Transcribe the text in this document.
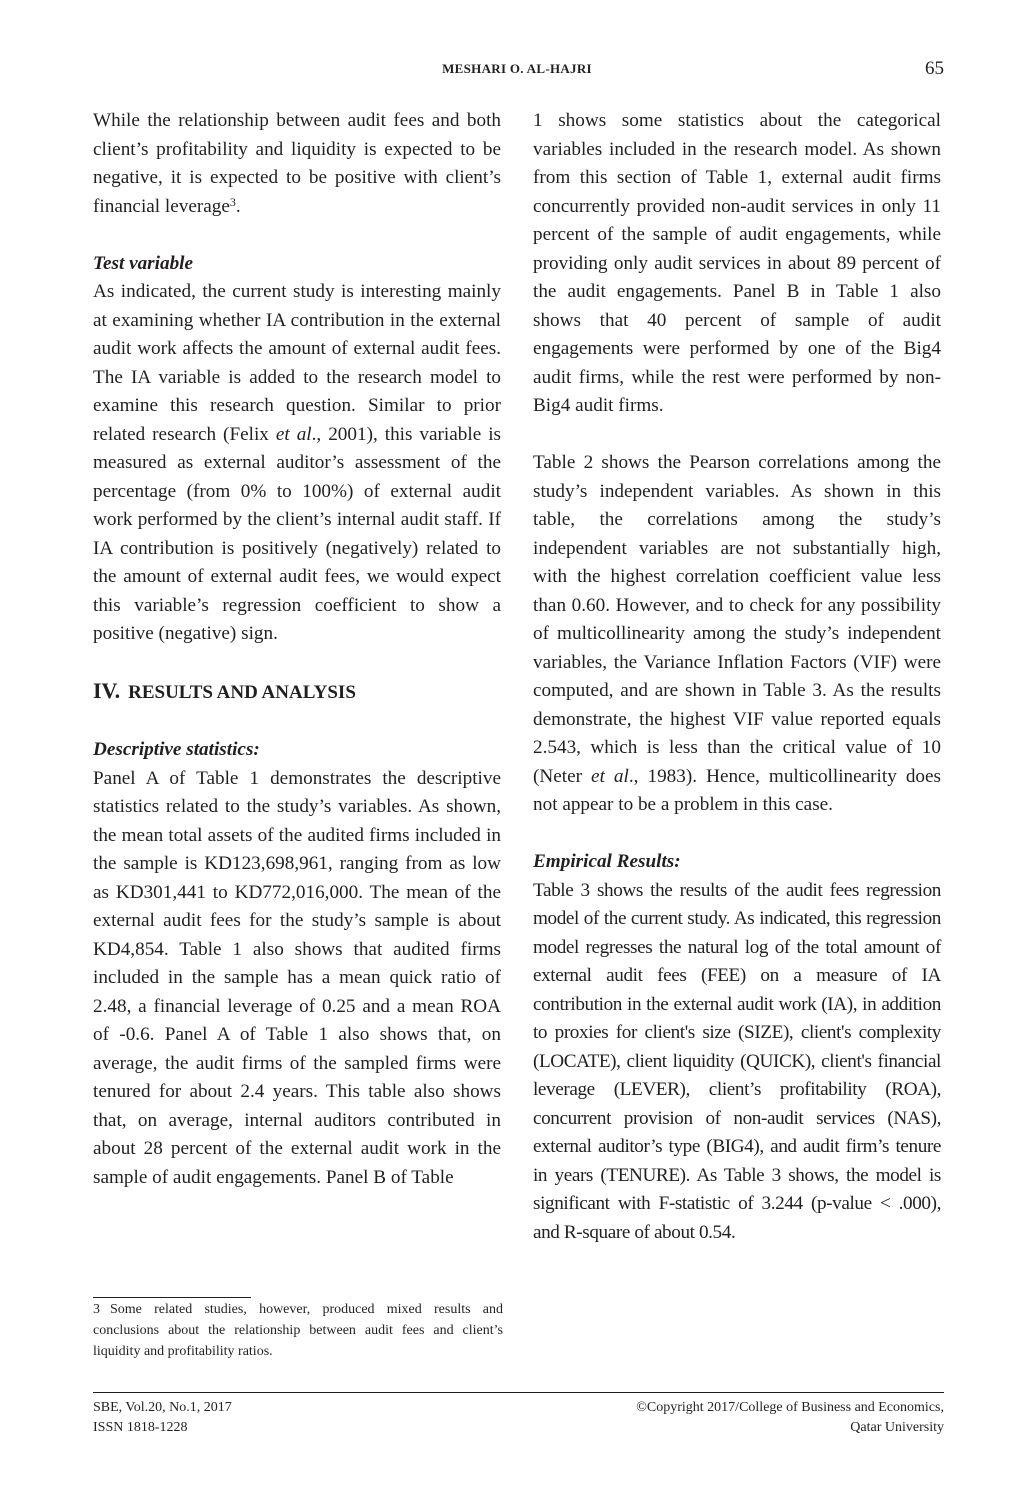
MESHARI O. AL-HAJRI	65

While the relationship between audit fees and both client’s profitability and liquidity is expected to be negative, it is expected to be positive with client’s financial leverage$^3$.

Test variable

As indicated, the current study is interesting mainly at examining whether IA contribution in the external audit work affects the amount of external audit fees. The IA variable is added to the research model to examine this research question. Similar to prior related research (Felix et al., 2001), this variable is measured as external auditor’s assessment of the percentage (from 0% to 100%) of external audit work performed by the client’s internal audit staff. If IA contribution is positively (negatively) related to the amount of external audit fees, we would expect this variable’s regression coefficient to show a positive (negative) sign.

IV. RESULTS AND ANALYSIS

Descriptive statistics:

Panel A of Table 1 demonstrates the descriptive statistics related to the study’s variables. As shown, the mean total assets of the audited firms included in the sample is KD123,698,961, ranging from as low as KD301,441 to KD772,016,000. The mean of the external audit fees for the study’s sample is about KD4,854. Table 1 also shows that audited firms included in the sample has a mean quick ratio of 2.48, a financial leverage of 0.25 and a mean ROA of -0.6. Panel A of Table 1 also shows that, on average, the audit firms of the sampled firms were tenured for about 2.4 years. This table also shows that, on average, internal auditors contributed in about 28 percent of the external audit work in the sample of audit engagements. Panel B of Table

1 shows some statistics about the categorical variables included in the research model. As shown from this section of Table 1, external audit firms concurrently provided non-audit services in only 11 percent of the sample of audit engagements, while providing only audit services in about 89 percent of the audit engagements. Panel B in Table 1 also shows that 40 percent of sample of audit engagements were performed by one of the Big4 audit firms, while the rest were performed by non-Big4 audit firms.

Table 2 shows the Pearson correlations among the study’s independent variables. As shown in this table, the correlations among the study’s independent variables are not substantially high, with the highest correlation coefficient value less than 0.60. However, and to check for any possibility of multicollinearity among the study’s independent variables, the Variance Inflation Factors (VIF) were computed, and are shown in Table 3. As the results demonstrate, the highest VIF value reported equals 2.543, which is less than the critical value of 10 (Neter et al., 1983). Hence, multicollinearity does not appear to be a problem in this case.

Empirical Results:

Table 3 shows the results of the audit fees regression model of the current study. As indicated, this regression model regresses the natural log of the total amount of external audit fees (FEE) on a measure of IA contribution in the external audit work (IA), in addition to proxies for client's size (SIZE), client's complexity (LOCATE), client liquidity (QUICK), client's financial leverage (LEVER), client’s profitability (ROA), concurrent provision of non-audit services (NAS), external auditor’s type (BIG4), and audit firm’s tenure in years (TENURE). As Table 3 shows, the model is significant with F-statistic of 3.244 (p-value < .000), and R-square of about 0.54.

3 Some related studies, however, produced mixed results and conclusions about the relationship between audit fees and client’s liquidity and profitability ratios.
SBE, Vol.20, No.1, 2017
ISSN 1818-1228
©Copyright 2017/College of Business and Economics,
Qatar University
